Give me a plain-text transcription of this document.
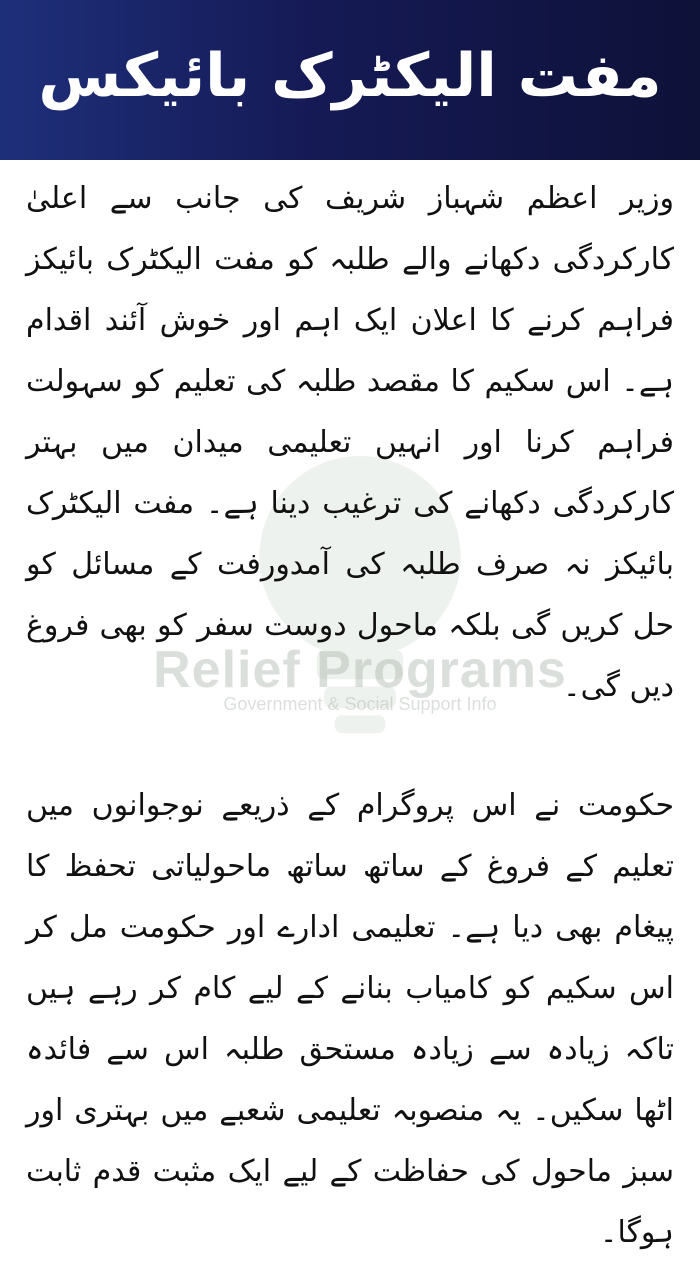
مفت الیکٹرک بائیکس
Relief Programs
Government & Social Support Info

وزیر اعظم شہباز شریف کی جانب سے اعلیٰ کارکردگی دکھانے والے طلبہ کو مفت الیکٹرک بائیکز فراہم کرنے کا اعلان ایک اہم اور خوش آئند اقدام ہے۔ اس سکیم کا مقصد طلبہ کی تعلیم کو سہولت فراہم کرنا اور انہیں تعلیمی میدان میں بہتر کارکردگی دکھانے کی ترغیب دینا ہے۔ مفت الیکٹرک بائیکز نہ صرف طلبہ کی آمدورفت کے مسائل کو حل کریں گی بلکہ ماحول دوست سفر کو بھی فروغ دیں گی۔

حکومت نے اس پروگرام کے ذریعے نوجوانوں میں تعلیم کے فروغ کے ساتھ ساتھ ماحولیاتی تحفظ کا پیغام بھی دیا ہے۔ تعلیمی ادارے اور حکومت مل کر اس سکیم کو کامیاب بنانے کے لیے کام کر رہے ہیں تاکہ زیادہ سے زیادہ مستحق طلبہ اس سے فائدہ اٹھا سکیں۔ یہ منصوبہ تعلیمی شعبے میں بہتری اور سبز ماحول کی حفاظت کے لیے ایک مثبت قدم ثابت ہوگا۔
